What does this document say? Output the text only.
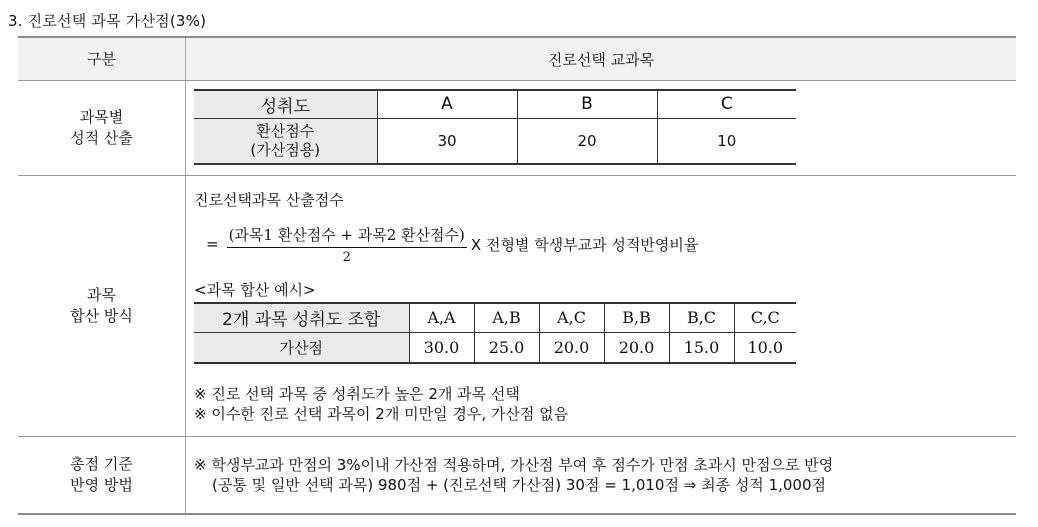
3. 진로선택 과목 가산점(3%)
구분	진로선택 교과목

과목별
성적 산출

성취도	A	B	C

환산점수
(가산점용)	30	20	10

과목
합산 방식

진로선택과목 산출점수
= $\frac{\text{(과목1 환산점수 + 과목2 환산점수)}}{2}$ X 전형별 학생부교과 성적반영비율
<과목 합산 예시>
2개 과목 성취도 조합	A,A	A,B	A,C	B,B	B,C	C,C
가산점	30.0	25.0	20.0	20.0	15.0	10.0
※ 진로 선택 과목 중 성취도가 높은 2개 과목 선택
※ 이수한 진로 선택 과목이 2개 미만일 경우, 가산점 없음

총점 기준
반영 방법

※ 학생부교과 만점의 3%이내 가산점 적용하며, 가산점 부여 후 점수가 만점 초과시 만점으로 반영
(공통 및 일반 선택 과목) 980점 + (진로선택 가산점) 30점 = 1,010점 ⇒ 최종 성적 1,000점
